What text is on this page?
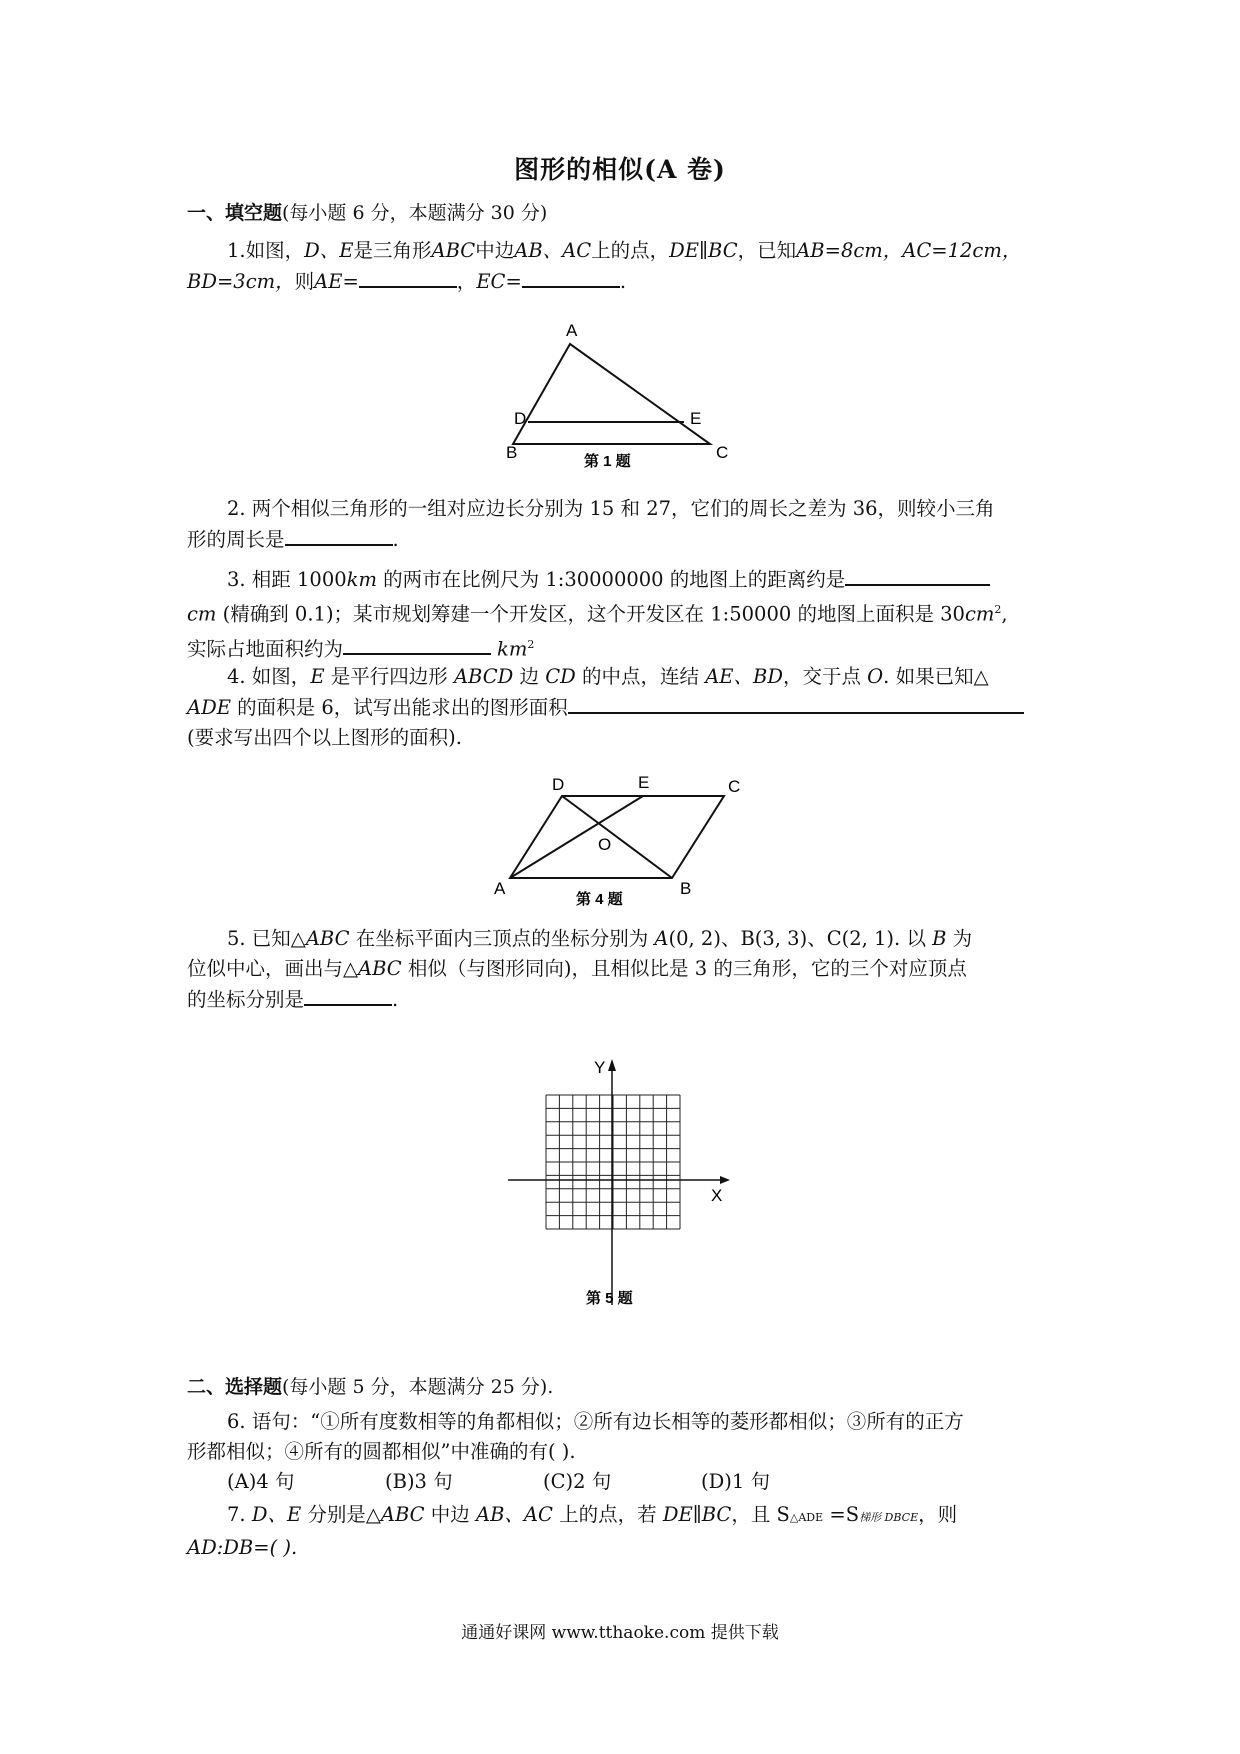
图形的相似(A 卷)
一、填空题(每小题 6 分，本题满分 30 分)
1.如图，D、E是三角形ABC中边AB、AC上的点，DE∥BC，已知AB=8cm，AC=12cm，
BD=3cm，则AE=	，EC=	.
A
D	E
B	C
第 1 题
2. 两个相似三角形的一组对应边长分别为 15 和 27，它们的周长之差为 36，则较小三角
形的周长是	.
3. 相距 1000km 的两市在比例尺为 1:30000000 的地图上的距离约是
cm (精确到 0.1)；某市规划筹建一个开发区，这个开发区在 1:50000 的地图上面积是 $30cm^2$,
实际占地面积约为	$km^2$
4. 如图，E 是平行四边形 ABCD 边 CD 的中点，连结 AE、BD，交于点 O. 如果已知△
ADE 的面积是 6，试写出能求出的图形面积
(要求写出四个以上图形的面积).
D	E	C
O
A	B
第 4 题
5. 已知△ABC 在坐标平面内三顶点的坐标分别为 A(0, 2)、B(3, 3)、C(2, 1). 以 B 为
位似中心，画出与△ABC 相似（与图形同向)，且相似比是 3 的三角形，它的三个对应顶点
的坐标分别是	.
Y
X
第 5 题
二、选择题(每小题 5 分，本题满分 25 分).
6. 语句：“①所有度数相等的角都相似；②所有边长相等的菱形都相似；③所有的正方
形都相似；④所有的圆都相似”中准确的有( ).
(A)4 句	(B)3 句	(C)2 句	(D)1 句
7. D、E 分别是△ABC 中边 AB、AC 上的点，若 DE∥BC，且 S△ADE =S梯形 DBCE，则
AD:DB=( ).
通通好课网 www.tthaoke.com 提供下载
